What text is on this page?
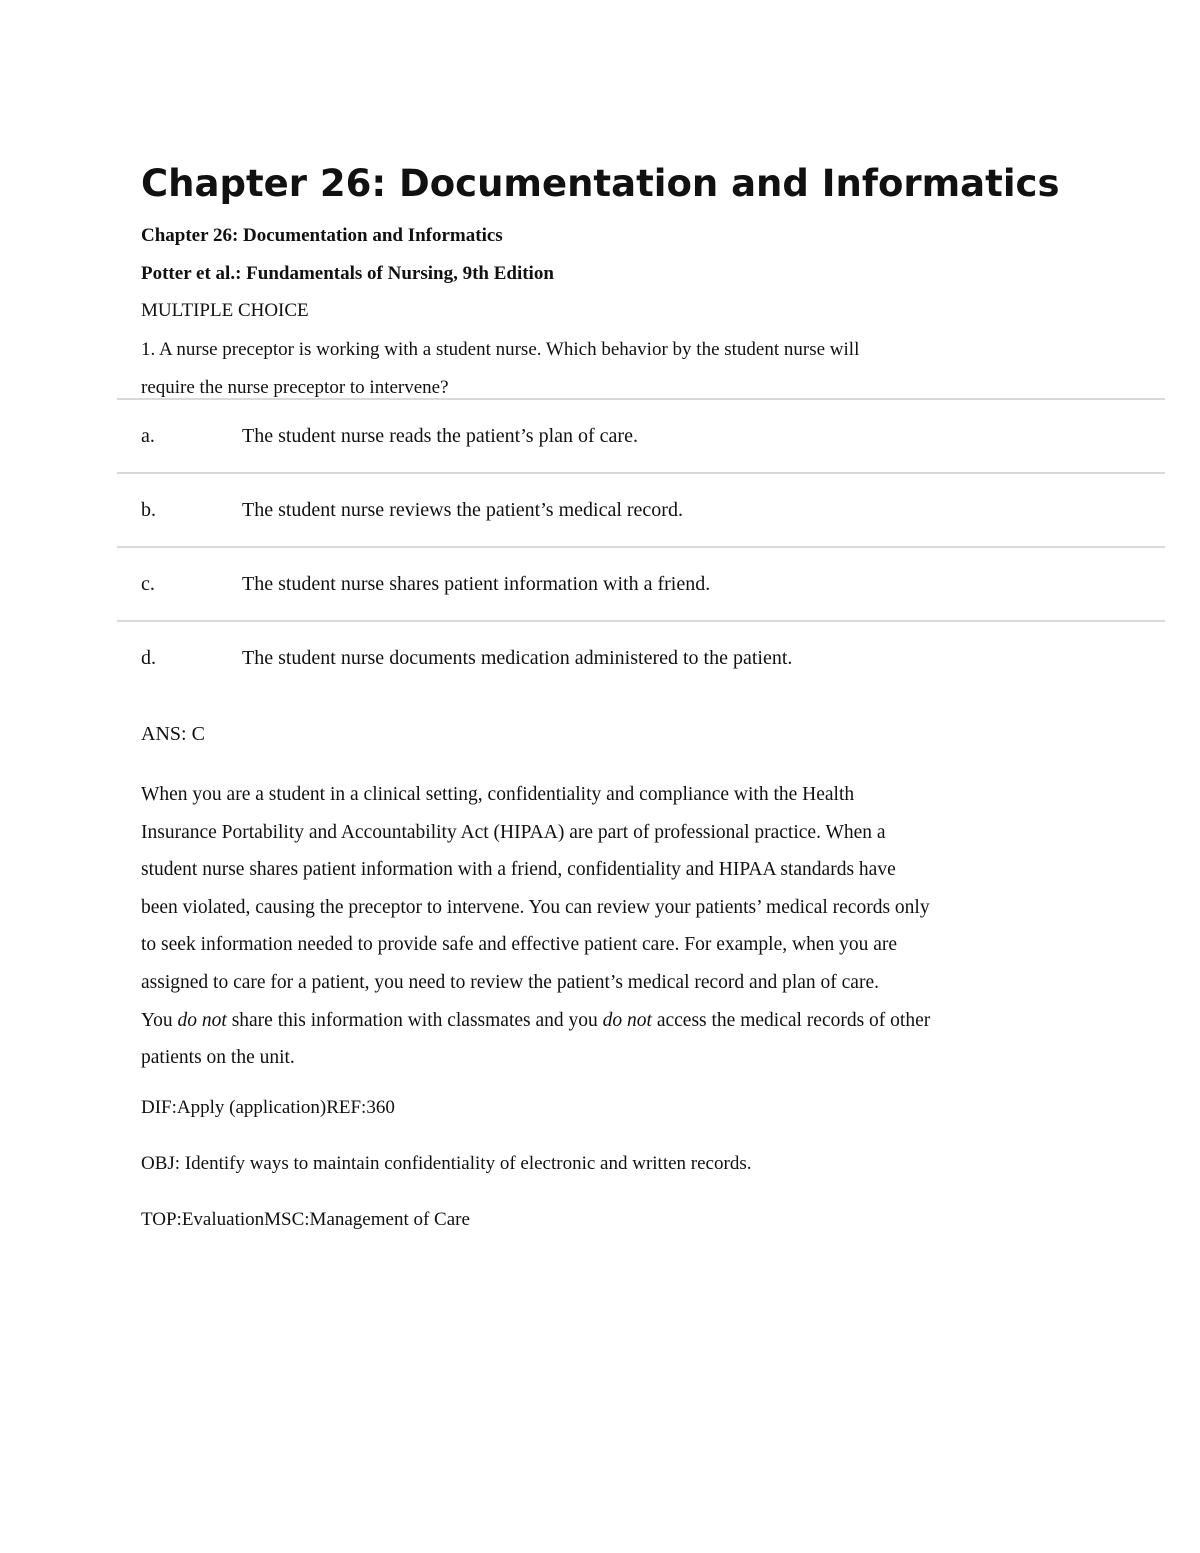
Chapter 26: Documentation and Informatics
Chapter 26: Documentation and Informatics
Potter et al.: Fundamentals of Nursing, 9th Edition
MULTIPLE CHOICE
1. A nurse preceptor is working with a student nurse. Which behavior by the student nurse will
require the nurse preceptor to intervene?
a.	The student nurse reads the patient’s plan of care.
b.	The student nurse reviews the patient’s medical record.
c.	The student nurse shares patient information with a friend.
d.	The student nurse documents medication administered to the patient.
ANS: C
When you are a student in a clinical setting, confidentiality and compliance with the Health
Insurance Portability and Accountability Act (HIPAA) are part of professional practice. When a
student nurse shares patient information with a friend, confidentiality and HIPAA standards have
been violated, causing the preceptor to intervene. You can review your patients’ medical records only
to seek information needed to provide safe and effective patient care. For example, when you are
assigned to care for a patient, you need to review the patient’s medical record and plan of care.
You do not share this information with classmates and you do not access the medical records of other
patients on the unit.
DIF:Apply (application)REF:360
OBJ: Identify ways to maintain confidentiality of electronic and written records.
TOP:EvaluationMSC:Management of Care
